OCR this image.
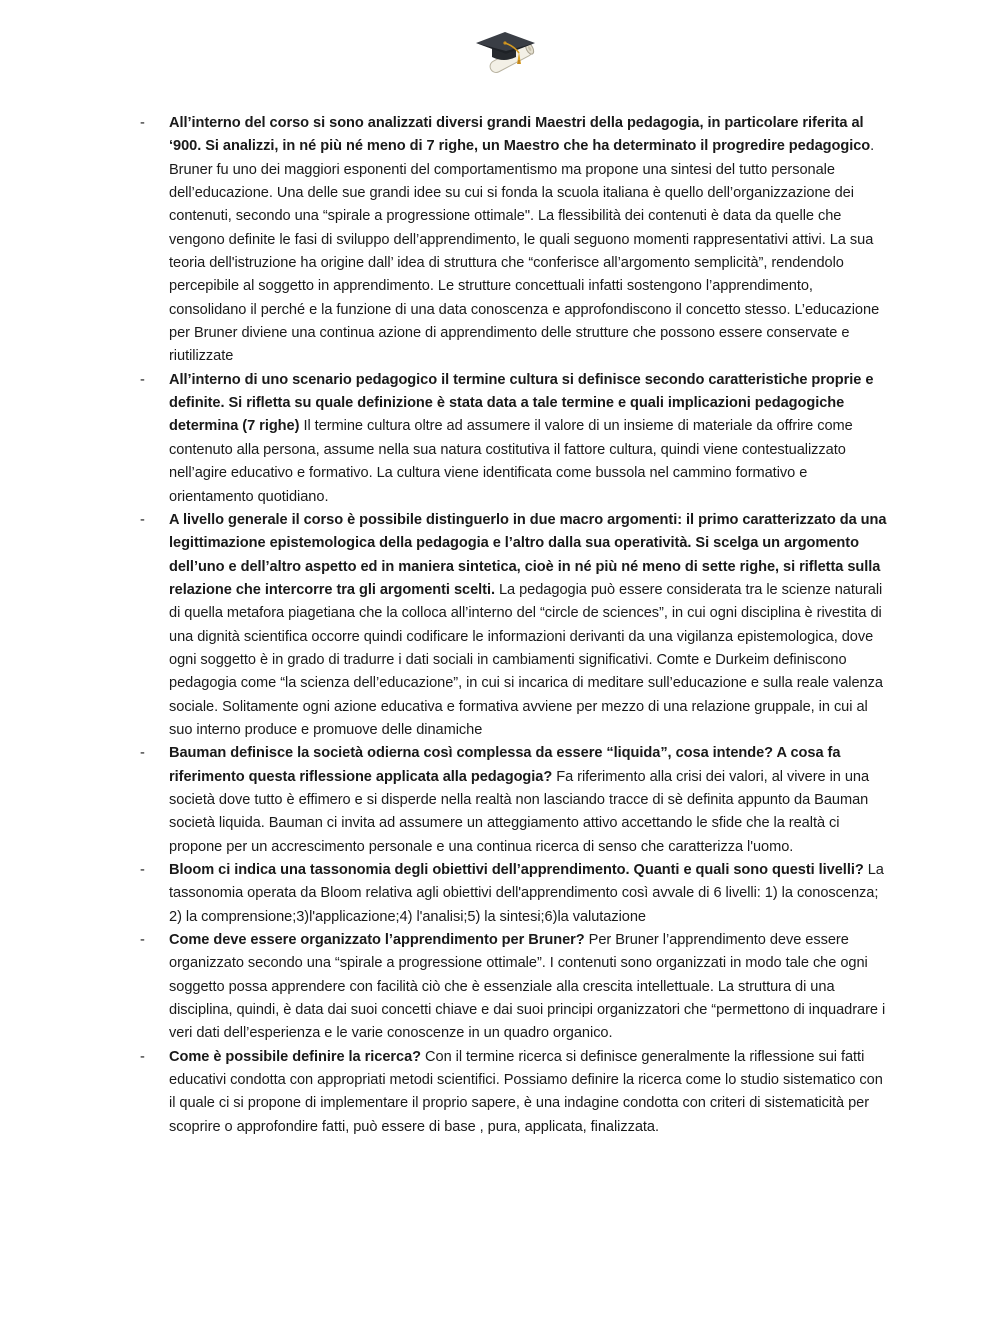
- All’interno del corso si sono analizzati diversi grandi Maestri della pedagogia, in particolare riferita al ‘900. Si analizzi, in né più né meno di 7 righe, un Maestro che ha determinato il progredire pedagogico. Bruner fu uno dei maggiori esponenti del comportamentismo ma propone una sintesi del tutto personale dell’educazione. Una delle sue grandi idee su cui si fonda la scuola italiana è quello dell’organizzazione dei contenuti, secondo una “spirale a progressione ottimale". La flessibilità dei contenuti è data da quelle che vengono definite le fasi di sviluppo dell’apprendimento, le quali seguono momenti rappresentativi attivi. La sua teoria dell'istruzione ha origine dall’ idea di struttura che “conferisce all’argomento semplicità”, rendendolo percepibile al soggetto in apprendimento. Le strutture concettuali infatti sostengono l’apprendimento, consolidano il perché e la funzione di una data conoscenza e approfondiscono il concetto stesso. L’educazione per Bruner diviene una continua azione di apprendimento delle strutture che possono essere conservate e riutilizzate
- All’interno di uno scenario pedagogico il termine cultura si definisce secondo caratteristiche proprie e definite. Si rifletta su quale definizione è stata data a tale termine e quali implicazioni pedagogiche determina (7 righe) Il termine cultura oltre ad assumere il valore di un insieme di materiale da offrire come contenuto alla persona, assume nella sua natura costitutiva il fattore cultura, quindi viene contestualizzato nell’agire educativo e formativo. La cultura viene identificata come bussola nel cammino formativo e orientamento quotidiano.
- A livello generale il corso è possibile distinguerlo in due macro argomenti: il primo caratterizzato da una legittimazione epistemologica della pedagogia e l’altro dalla sua operatività. Si scelga un argomento dell’uno e dell’altro aspetto ed in maniera sintetica, cioè in né più né meno di sette righe, si rifletta sulla relazione che intercorre tra gli argomenti scelti. La pedagogia può essere considerata tra le scienze naturali di quella metafora piagetiana che la colloca all’interno del “circle de sciences”, in cui ogni disciplina è rivestita di una dignità scientifica occorre quindi codificare le informazioni derivanti da una vigilanza epistemologica, dove ogni soggetto è in grado di tradurre i dati sociali in cambiamenti significativi. Comte e Durkeim definiscono pedagogia come “la scienza dell’educazione”, in cui si incarica di meditare sull’educazione e sulla reale valenza sociale. Solitamente ogni azione educativa e formativa avviene per mezzo di una relazione gruppale, in cui al suo interno produce e promuove delle dinamiche
- Bauman definisce la società odierna così complessa da essere “liquida”, cosa intende? A cosa fa riferimento questa riflessione applicata alla pedagogia? Fa riferimento alla crisi dei valori, al vivere in una società dove tutto è effimero e si disperde nella realtà non lasciando tracce di sè definita appunto da Bauman società liquida. Bauman ci invita ad assumere un atteggiamento attivo accettando le sfide che la realtà ci propone per un accrescimento personale e una continua ricerca di senso che caratterizza l'uomo.
- Bloom ci indica una tassonomia degli obiettivi dell’apprendimento. Quanti e quali sono questi livelli? La tassonomia operata da Bloom relativa agli obiettivi dell'apprendimento così avvale di 6 livelli: 1) la conoscenza; 2) la comprensione;3)l'applicazione;4) l'analisi;5) la sintesi;6)la valutazione
- Come deve essere organizzato l’apprendimento per Bruner? Per Bruner l’apprendimento deve essere organizzato secondo una “spirale a progressione ottimale”. I contenuti sono organizzati in modo tale che ogni soggetto possa apprendere con facilità ciò che è essenziale alla crescita intellettuale. La struttura di una disciplina, quindi, è data dai suoi concetti chiave e dai suoi principi organizzatori che “permettono di inquadrare i veri dati dell’esperienza e le varie conoscenze in un quadro organico.
- Come è possibile definire la ricerca? Con il termine ricerca si definisce generalmente la riflessione sui fatti educativi condotta con appropriati metodi scientifici. Possiamo definire la ricerca come lo studio sistematico con il quale ci si propone di implementare il proprio sapere, è una indagine condotta con criteri di sistematicità per scoprire o approfondire fatti, può essere di base , pura, applicata, finalizzata.
